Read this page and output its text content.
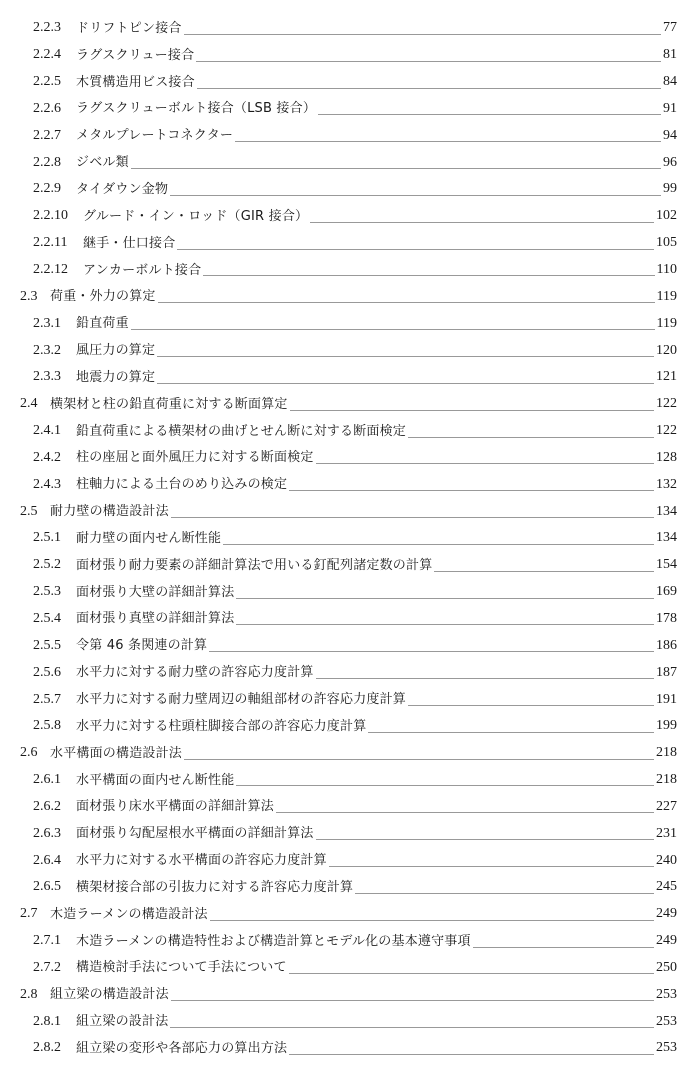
2.2.3	ドリフトピン接合	77
2.2.4	ラグスクリュー接合	81
2.2.5	木質構造用ビス接合	84
2.2.6	ラグスクリューボルト接合（LSB 接合）	91
2.2.7	メタルプレートコネクター	94
2.2.8	ジベル類	96
2.2.9	タイダウン金物	99
2.2.10	グルード・イン・ロッド（GIR 接合）	102
2.2.11	継手・仕口接合	105
2.2.12	アンカーボルト接合	110
2.3 荷重・外力の算定	119
2.3.1	鉛直荷重	119
2.3.2	風圧力の算定	120
2.3.3	地震力の算定	121
2.4 横架材と柱の鉛直荷重に対する断面算定	122
2.4.1	鉛直荷重による横架材の曲げとせん断に対する断面検定	122
2.4.2	柱の座屈と面外風圧力に対する断面検定	128
2.4.3	柱軸力による土台のめり込みの検定	132
2.5 耐力壁の構造設計法	134
2.5.1	耐力壁の面内せん断性能	134
2.5.2	面材張り耐力要素の詳細計算法で用いる釘配列諸定数の計算	154
2.5.3	面材張り大壁の詳細計算法	169
2.5.4	面材張り真壁の詳細計算法	178
2.5.5	令第 46 条関連の計算	186
2.5.6	水平力に対する耐力壁の許容応力度計算	187
2.5.7	水平力に対する耐力壁周辺の軸組部材の許容応力度計算	191
2.5.8	水平力に対する柱頭柱脚接合部の許容応力度計算	199
2.6 水平構面の構造設計法	218
2.6.1	水平構面の面内せん断性能	218
2.6.2	面材張り床水平構面の詳細計算法	227
2.6.3	面材張り勾配屋根水平構面の詳細計算法	231
2.6.4	水平力に対する水平構面の許容応力度計算	240
2.6.5	横架材接合部の引抜力に対する許容応力度計算	245
2.7 木造ラーメンの構造設計法	249
2.7.1	木造ラーメンの構造特性および構造計算とモデル化の基本遵守事項	249
2.7.2	構造検討手法について手法について	250
2.8 組立梁の構造設計法	253
2.8.1	組立梁の設計法	253
2.8.2	組立梁の変形や各部応力の算出方法	253
